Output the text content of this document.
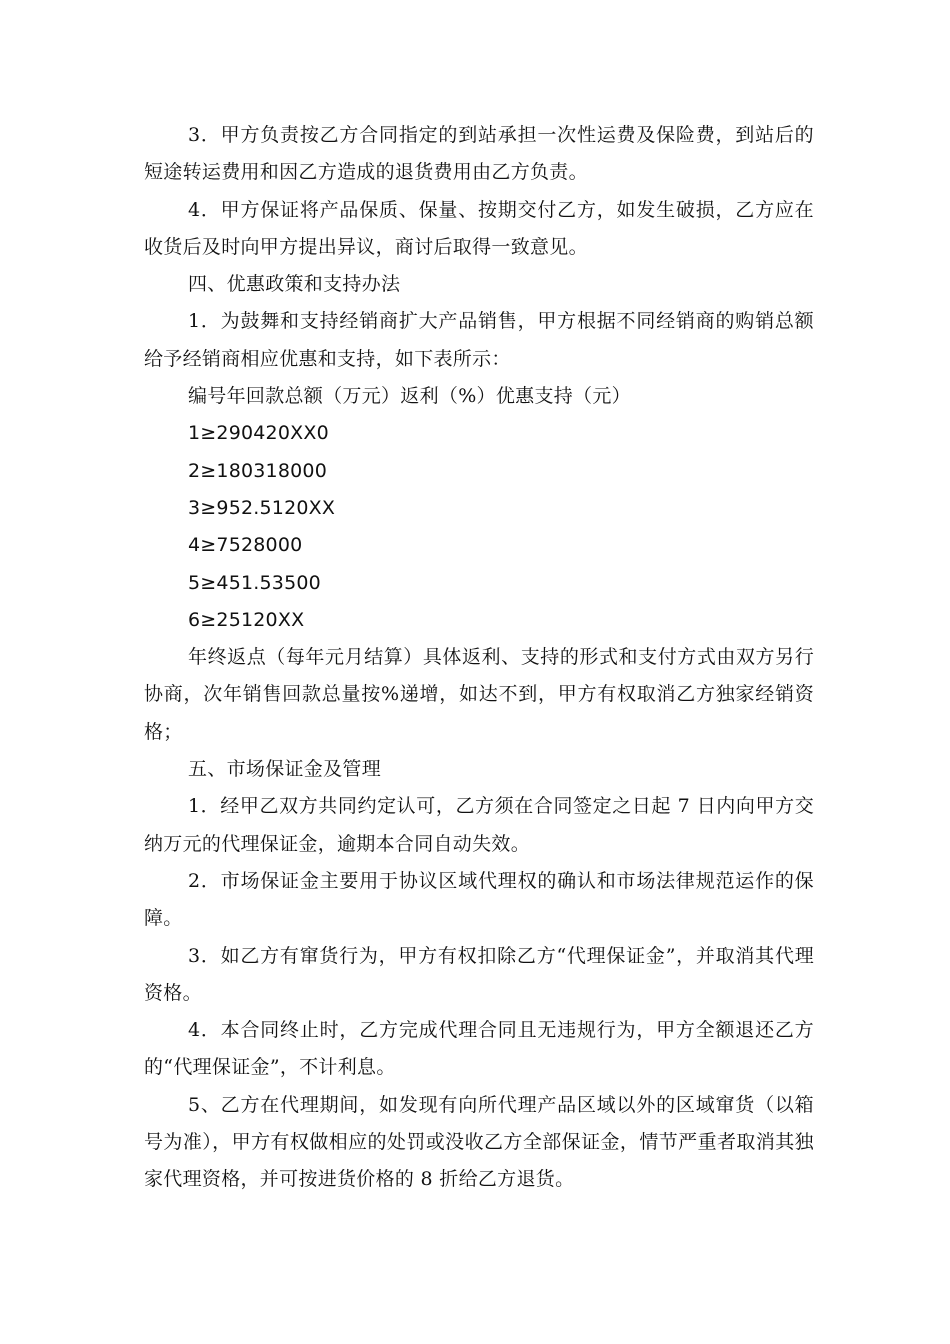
3．甲方负责按乙方合同指定的到站承担一次性运费及保险费，到站后的短途转运费用和因乙方造成的退货费用由乙方负责。

4．甲方保证将产品保质、保量、按期交付乙方，如发生破损，乙方应在收货后及时向甲方提出异议，商讨后取得一致意见。

四、优惠政策和支持办法

1．为鼓舞和支持经销商扩大产品销售，甲方根据不同经销商的购销总额给予经销商相应优惠和支持，如下表所示：

编号年回款总额（万元）返利（%）优惠支持（元）

1≥290420XX0

2≥180318000

3≥952.5120XX

4≥7528000

5≥451.53500

6≥25120XX

年终返点（每年元月结算）具体返利、支持的形式和支付方式由双方另行协商，次年销售回款总量按%递增，如达不到，甲方有权取消乙方独家经销资格；

五、市场保证金及管理

1．经甲乙双方共同约定认可，乙方须在合同签定之日起 7 日内向甲方交纳万元的代理保证金，逾期本合同自动失效。

2．市场保证金主要用于协议区域代理权的确认和市场法律规范运作的保障。

3．如乙方有窜货行为，甲方有权扣除乙方“代理保证金”，并取消其代理资格。

4．本合同终止时，乙方完成代理合同且无违规行为，甲方全额退还乙方的“代理保证金”，不计利息。

5、乙方在代理期间，如发现有向所代理产品区域以外的区域窜货（以箱号为准），甲方有权做相应的处罚或没收乙方全部保证金，情节严重者取消其独家代理资格，并可按进货价格的 8 折给乙方退货。
